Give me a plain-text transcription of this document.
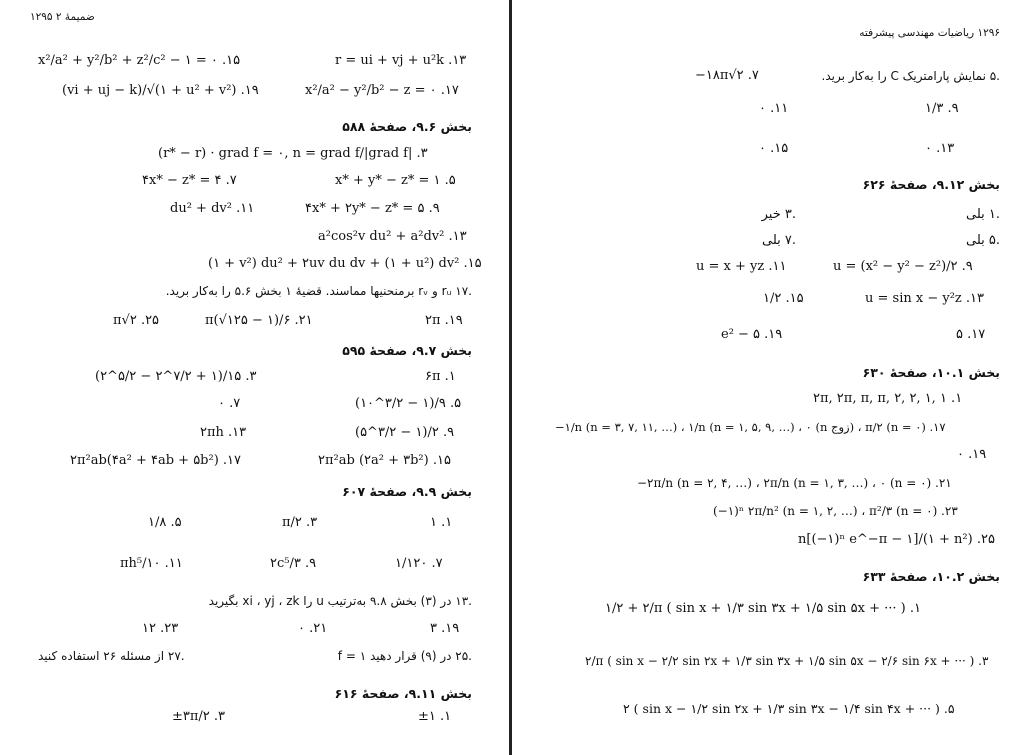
ضمیمهٔ ۲ ۱۲۹۵
x²/a² + y²/b² + z²/c² − ۱ = ۰ .۱۵	r = ui + vj + u²k .۱۳
(vi + uj − k)/√(۱ + u² + v²) .۱۹	x²/a² − y²/b² − z = ۰ .۱۷
بخش ۹.۶، صفحهٔ ۵۸۸
(r* − r) · grad f = ۰, n = grad f/|grad f| .۳
۴x* − z* = ۴ .۷	x* + y* − z* = ۱ .۵
du² + dv² .۱۱	۴x* + ۲y* − z* = ۵ .۹
a²cos²v du² + a²dv² .۱۳
(۱ + v²) du² + ۲uv du dv + (۱ + u²) dv² .۱۵
.۱۷ rᵤ و rᵥ برمنحنیها مماسند. قضیهٔ ۱ بخش ۵.۶ را به‌کار برید.
π√۲ .۲۵	π(√۱۲۵ − ۱)/۶ .۲۱	۲π .۱۹
بخش ۹.۷، صفحهٔ ۵۹۵
(۲^۵/۲ − ۲^۷/۲ + ۱)/۱۵ .۳	۶π .۱
۰ .۷	(۱۰^۳/۲ − ۱)/۹ .۵
۲πh .۱۳	(۵^۳/۲ − ۱)/۲ .۹
۲π²ab(۴a² + ۴ab + ۵b²) .۱۷	۲π²ab (۲a² + ۳b²) .۱۵
بخش ۹.۹، صفحهٔ ۶۰۷
۱/۸ .۵	π/۲ .۳	۱ .۱
πh⁵/۱۰ .۱۱	۲c⁵/۳ .۹	۱/۱۲۰ .۷
.۱۳ در (۳) بخش ۹.۸ به‌ترتیب u را xi ، yj ، zk بگیرید
۱۲ .۲۳	۰ .۲۱	۳ .۱۹
.۲۷ از مسئله ۲۶ استفاده کنید	.۲۵ در (۹) قرار دهید ۱ = f
بخش ۹.۱۱، صفحهٔ ۶۱۶
±۳π/۲ .۳	±۱ .۱
۱۲۹۶ ریاضیات مهندسی پیشرفته
.۵ نمایش پارامتریک C را به‌کار برید.
−۱۸π√۲ .۷
۱/۳ .۹
۰ .۱۱
۰ .۱۳
۰ .۱۵
بخش ۹.۱۲، صفحهٔ ۶۲۶
.۱ بلی
.۳ خیر
.۵ بلی
.۷ بلی
u = (x² − y² − z²)/۲ .۹
u = x + yz .۱۱
u = sin x − y²z .۱۳
۱/۲ .۱۵
۵ .۱۷
e² − ۵ .۱۹
بخش ۱۰.۱، صفحهٔ ۶۳۰
۲π, ۲π, π, π, ۲, ۲, ۱, ۱ .۱
−۱/n (n = ۳, ۷, ۱۱, …) ، ۱/n (n = ۱, ۵, ۹, …) ، ۰ (n زوج) ، π/۲ (n = ۰) .۱۷
۰ .۱۹
−۲π/n (n = ۲, ۴, …) ، ۲π/n (n = ۱, ۳, …) ، ۰ (n = ۰) .۲۱
(−۱)ⁿ ۲π/n² (n = ۱, ۲, …) ، π²/۳ (n = ۰) .۲۳
n[(−۱)ⁿ e^−π − ۱]/(۱ + n²) .۲۵
بخش ۱۰.۲، صفحهٔ ۶۳۳
۱/۲ + ۲/π ( sin x + ۱/۳ sin ۳x + ۱/۵ sin ۵x + ··· ) .۱
۲/π ( sin x − ۲/۲ sin ۲x + ۱/۳ sin ۳x + ۱/۵ sin ۵x − ۲/۶ sin ۶x + ··· ) .۳
۲ ( sin x − ۱/۲ sin ۲x + ۱/۳ sin ۳x − ۱/۴ sin ۴x + ··· ) .۵
